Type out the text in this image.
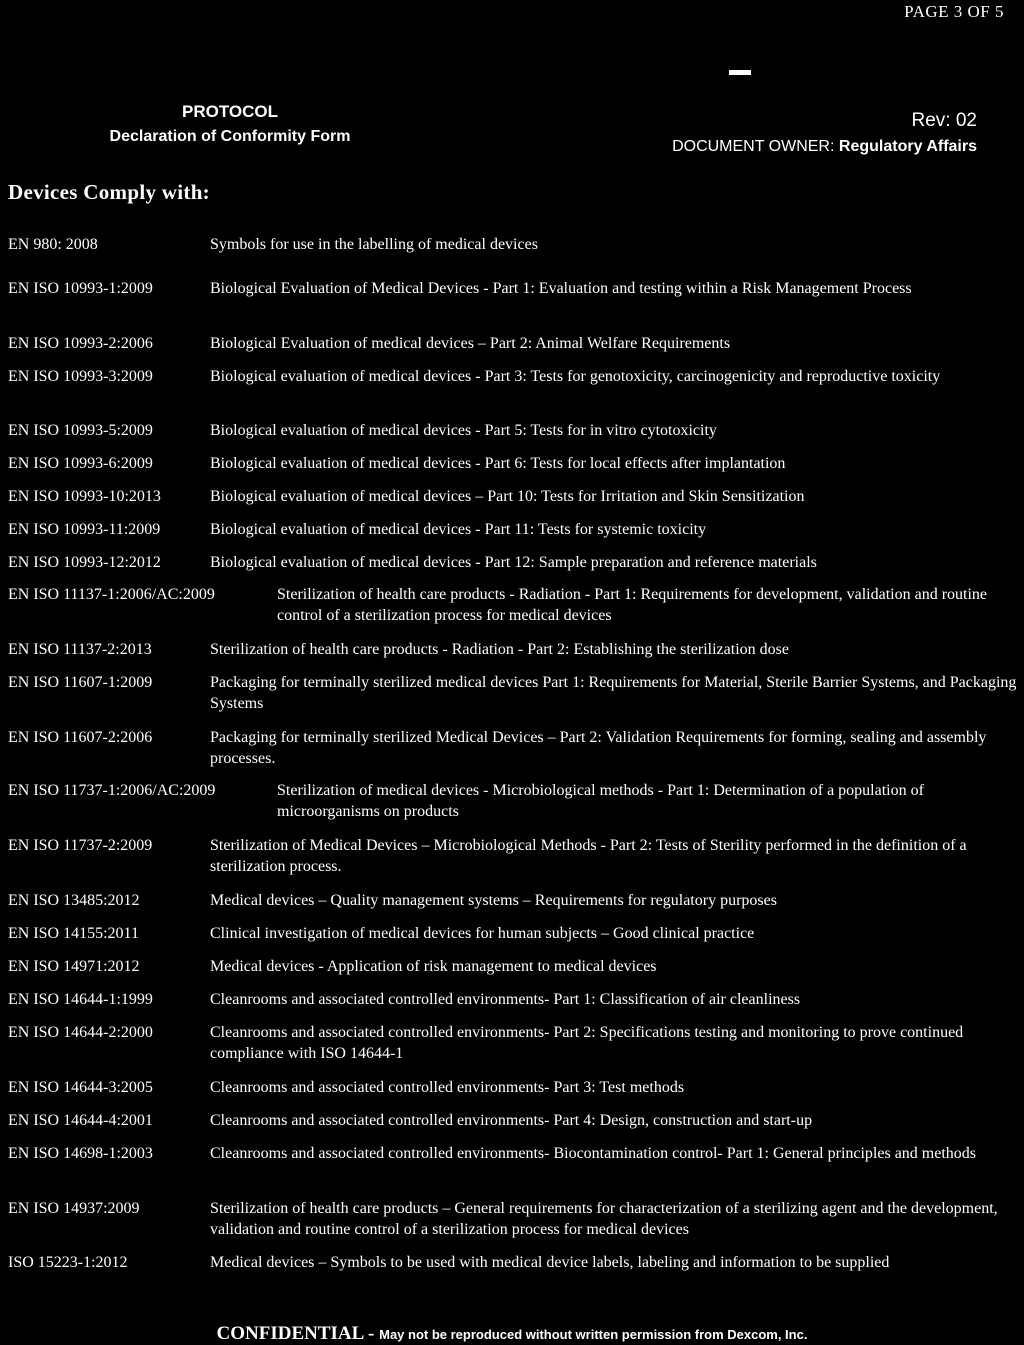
PAGE 3 OF 5
PROTOCOL
Declaration of Conformity Form
Rev: 02
DOCUMENT OWNER: Regulatory Affairs
Devices Comply with:
EN 980: 2008	Symbols for use in the labelling of medical devices
EN ISO 10993-1:2009	Biological Evaluation of Medical Devices - Part 1: Evaluation and testing within a Risk Management Process
EN ISO 10993-2:2006	Biological Evaluation of medical devices – Part 2: Animal Welfare Requirements
EN ISO 10993-3:2009	Biological evaluation of medical devices - Part 3: Tests for genotoxicity, carcinogenicity and reproductive toxicity
EN ISO 10993-5:2009	Biological evaluation of medical devices - Part 5: Tests for in vitro cytotoxicity
EN ISO 10993-6:2009	Biological evaluation of medical devices - Part 6: Tests for local effects after implantation
EN ISO 10993-10:2013	Biological evaluation of medical devices – Part 10: Tests for Irritation and Skin Sensitization
EN ISO 10993-11:2009	Biological evaluation of medical devices - Part 11: Tests for systemic toxicity
EN ISO 10993-12:2012	Biological evaluation of medical devices - Part 12: Sample preparation and reference materials
EN ISO 11137-1:2006/AC:2009	Sterilization of health care products - Radiation - Part 1: Requirements for development, validation and routine control of a sterilization process for medical devices
EN ISO 11137-2:2013	Sterilization of health care products - Radiation - Part 2: Establishing the sterilization dose
EN ISO 11607-1:2009	Packaging for terminally sterilized medical devices Part 1: Requirements for Material, Sterile Barrier Systems, and Packaging Systems
EN ISO 11607-2:2006	Packaging for terminally sterilized Medical Devices – Part 2: Validation Requirements for forming, sealing and assembly processes.
EN ISO 11737-1:2006/AC:2009	Sterilization of medical devices - Microbiological methods - Part 1: Determination of a population of microorganisms on products
EN ISO 11737-2:2009	Sterilization of Medical Devices – Microbiological Methods - Part 2: Tests of Sterility performed in the definition of a sterilization process.
EN ISO 13485:2012	Medical devices – Quality management systems – Requirements for regulatory purposes
EN ISO 14155:2011	Clinical investigation of medical devices for human subjects – Good clinical practice
EN ISO 14971:2012	Medical devices - Application of risk management to medical devices
EN ISO 14644-1:1999	Cleanrooms and associated controlled environments- Part 1: Classification of air cleanliness
EN ISO 14644-2:2000	Cleanrooms and associated controlled environments- Part 2: Specifications testing and monitoring to prove continued compliance with ISO 14644-1
EN ISO 14644-3:2005	Cleanrooms and associated controlled environments- Part 3: Test methods
EN ISO 14644-4:2001	Cleanrooms and associated controlled environments- Part 4: Design, construction and start-up
EN ISO 14698-1:2003	Cleanrooms and associated controlled environments- Biocontamination control- Part 1: General principles and methods
EN ISO 14937:2009	Sterilization of health care products – General requirements for characterization of a sterilizing agent and the development, validation and routine control of a sterilization process for medical devices
ISO 15223-1:2012	Medical devices – Symbols to be used with medical device labels, labeling and information to be supplied
CONFIDENTIAL - May not be reproduced without written permission from Dexcom, Inc.
